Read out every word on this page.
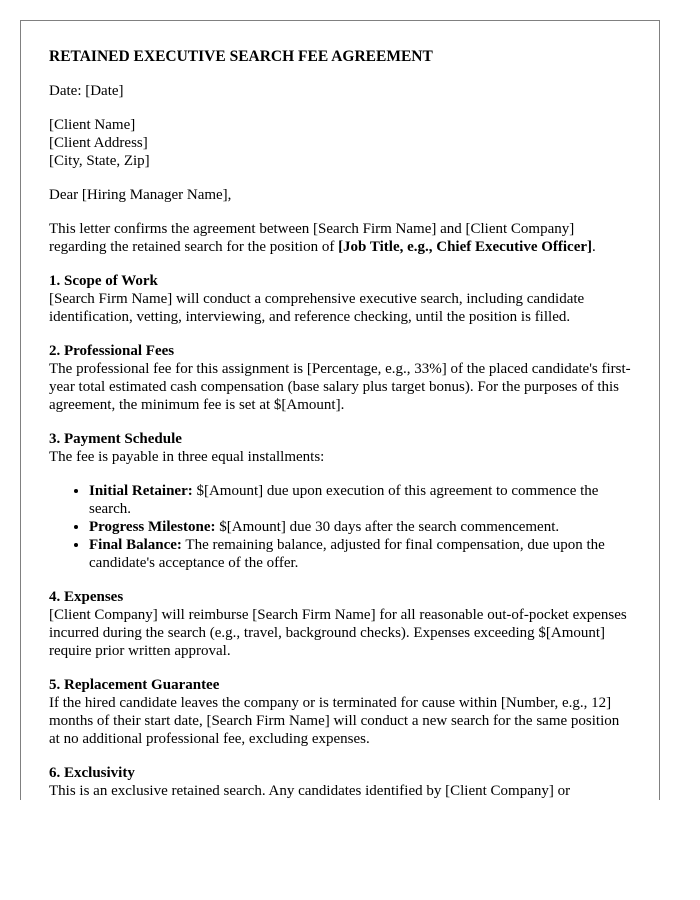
RETAINED EXECUTIVE SEARCH FEE AGREEMENT

Date: [Date]

[Client Name]
[Client Address]
[City, State, Zip]

Dear [Hiring Manager Name],

This letter confirms the agreement between [Search Firm Name] and [Client Company] regarding the retained search for the position of [Job Title, e.g., Chief Executive Officer].

1. Scope of Work
[Search Firm Name] will conduct a comprehensive executive search, including candidate identification, vetting, interviewing, and reference checking, until the position is filled.
2. Professional Fees
The professional fee for this assignment is [Percentage, e.g., 33%] of the placed candidate's first-year total estimated cash compensation (base salary plus target bonus). For the purposes of this agreement, the minimum fee is set at $[Amount].
3. Payment Schedule
The fee is payable in three equal installments:
• Initial Retainer: $[Amount] due upon execution of this agreement to commence the search.
• Progress Milestone: $[Amount] due 30 days after the search commencement.
• Final Balance: The remaining balance, adjusted for final compensation, due upon the candidate's acceptance of the offer.
4. Expenses
[Client Company] will reimburse [Search Firm Name] for all reasonable out-of-pocket expenses incurred during the search (e.g., travel, background checks). Expenses exceeding $[Amount] require prior written approval.
5. Replacement Guarantee
If the hired candidate leaves the company or is terminated for cause within [Number, e.g., 12] months of their start date, [Search Firm Name] will conduct a new search for the same position at no additional professional fee, excluding expenses.
6. Exclusivity
This is an exclusive retained search. Any candidates identified by [Client Company] or
